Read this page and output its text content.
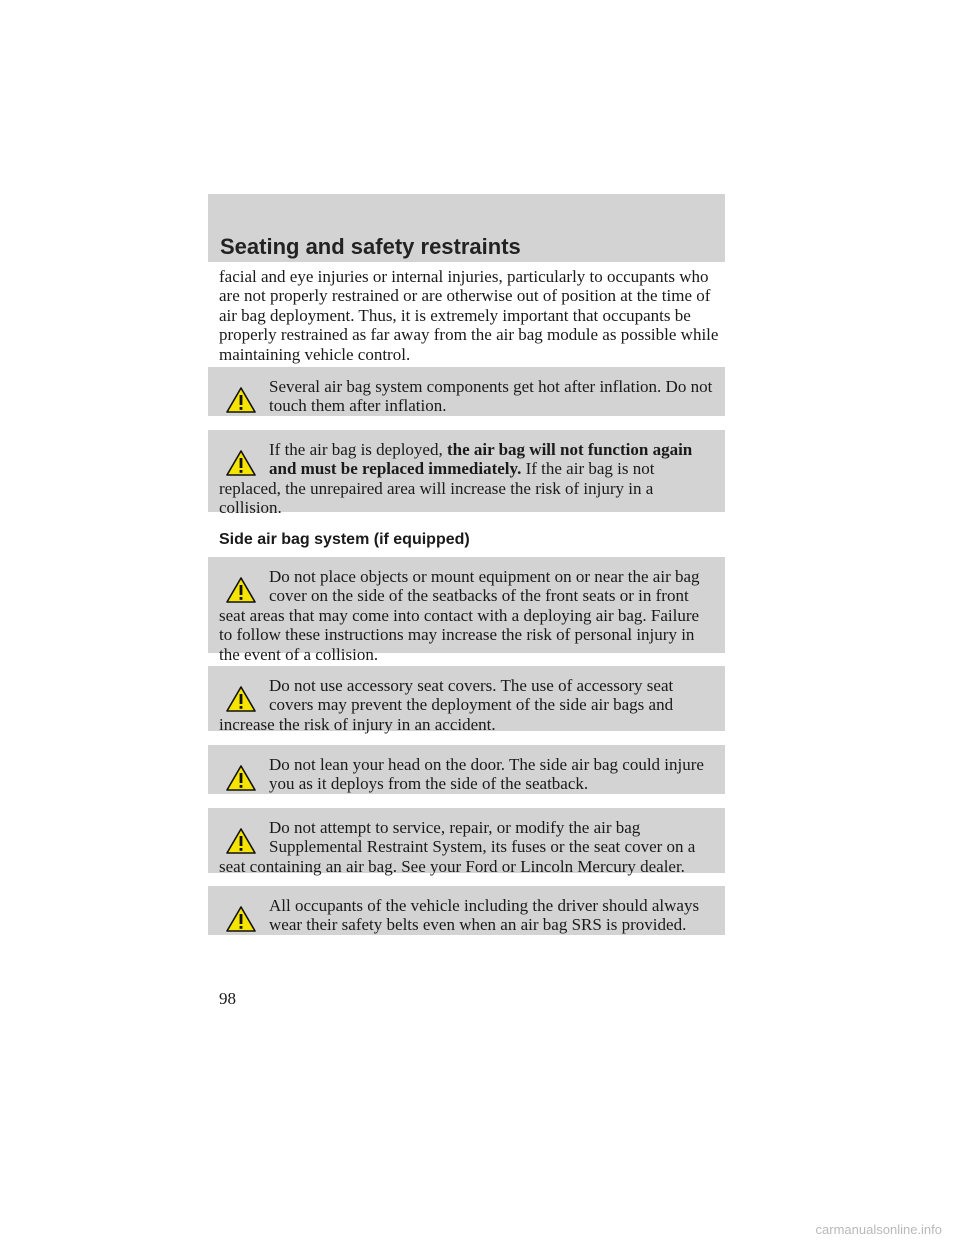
Seating and safety restraints

facial and eye injuries or internal injuries, particularly to occupants who are not properly restrained or are otherwise out of position at the time of air bag deployment. Thus, it is extremely important that occupants be properly restrained as far away from the air bag module as possible while maintaining vehicle control.

Several air bag system components get hot after inflation. Do not touch them after inflation.

If the air bag is deployed, the air bag will not function again and must be replaced immediately. If the air bag is not replaced, the unrepaired area will increase the risk of injury in a collision.

Side air bag system (if equipped)

Do not place objects or mount equipment on or near the air bag cover on the side of the seatbacks of the front seats or in front seat areas that may come into contact with a deploying air bag. Failure to follow these instructions may increase the risk of personal injury in the event of a collision.

Do not use accessory seat covers. The use of accessory seat covers may prevent the deployment of the side air bags and increase the risk of injury in an accident.

Do not lean your head on the door. The side air bag could injure you as it deploys from the side of the seatback.

Do not attempt to service, repair, or modify the air bag Supplemental Restraint System, its fuses or the seat cover on a seat containing an air bag. See your Ford or Lincoln Mercury dealer.

All occupants of the vehicle including the driver should always wear their safety belts even when an air bag SRS is provided.

98
carmanualsonline.info
